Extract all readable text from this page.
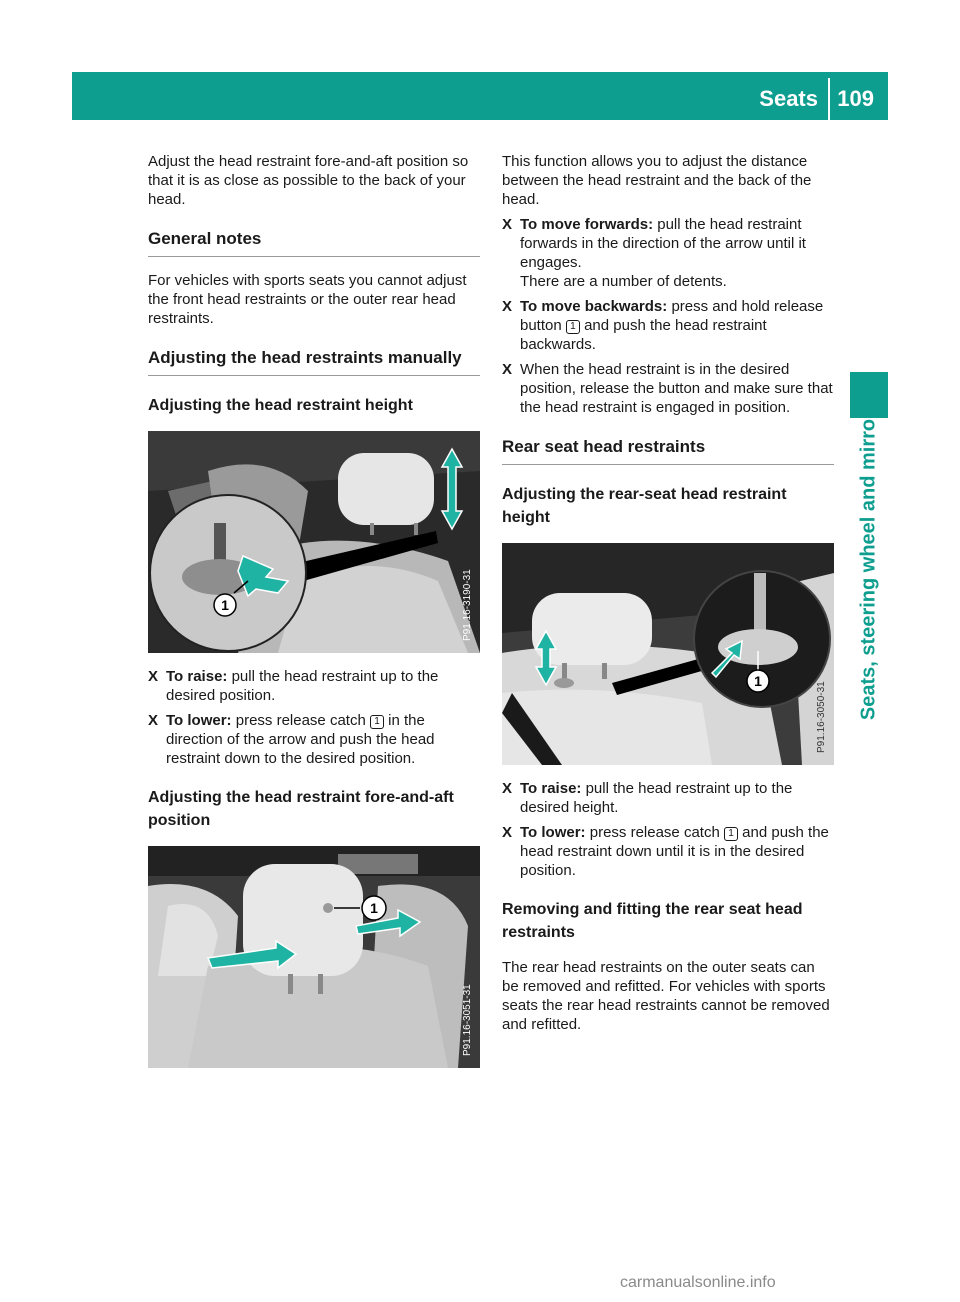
Seats 109
Seats, steering wheel and mirrors

Adjust the head restraint fore-and-aft position so that it is as close as possible to the back of your head.

General notes

For vehicles with sports seats you cannot adjust the front head restraints or the outer rear head restraints.

Adjusting the head restraints manually
Adjusting the head restraint height
1	P91.16-3190-31
X To raise: pull the head restraint up to the desired position.
X To lower: press release catch 1 in the direction of the arrow and push the head restraint down to the desired position.
Adjusting the head restraint fore-and-aft position
1
P91.16-3051-31

This function allows you to adjust the distance between the head restraint and the back of the head.

X To move forwards: pull the head restraint forwards in the direction of the arrow until it engages.
There are a number of detents.
X To move backwards: press and hold release button 1 and push the head restraint backwards.
X When the head restraint is in the desired position, release the button and make sure that the head restraint is engaged in position.
Rear seat head restraints
Adjusting the rear-seat head restraint height
1
P91.16-3050-31
X To raise: pull the head restraint up to the desired height.
X To lower: press release catch 1 and push the head restraint down until it is in the desired position.
Removing and fitting the rear seat head restraints

The rear head restraints on the outer seats can be removed and refitted. For vehicles with sports seats the rear head restraints cannot be removed and refitted.

carmanualsonline.info
